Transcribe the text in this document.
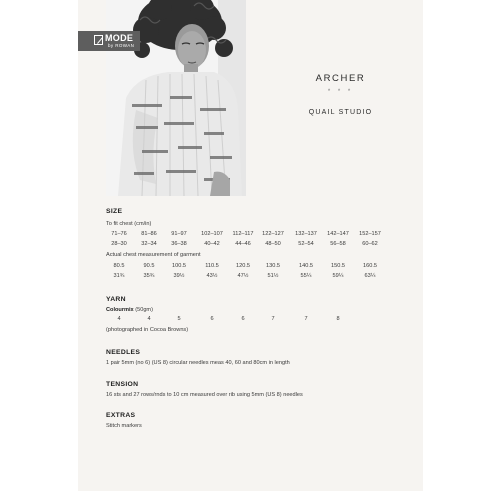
MODE
by ROWAN
ARCHER
* * *
QUAIL STUDIO
SIZE
To fit chest (cm/in)
71–76	81–86	91–97	102–107	112–117	122–127	132–137	142–147	152–157
28–30	32–34	36–38	40–42	44–46	48–50	52–54	56–58	60–62
Actual chest measurement of garment
80.5	90.5	100.5	110.5	120.5	130.5	140.5	150.5	160.5
31¾	35¾	39½	43½	47½	51½	55¼	59¼	63¼
YARN
Colourmix (50gm)
4	4	5	6	6	7	7	8
(photographed in Cocoa Browns)
NEEDLES
1 pair 5mm (no 6) (US 8) circular needles meas 40, 60 and 80cm in length
TENSION
16 sts and 27 rows/rnds to 10 cm measured over rib using 5mm (US 8) needles
EXTRAS
Stitch markers
